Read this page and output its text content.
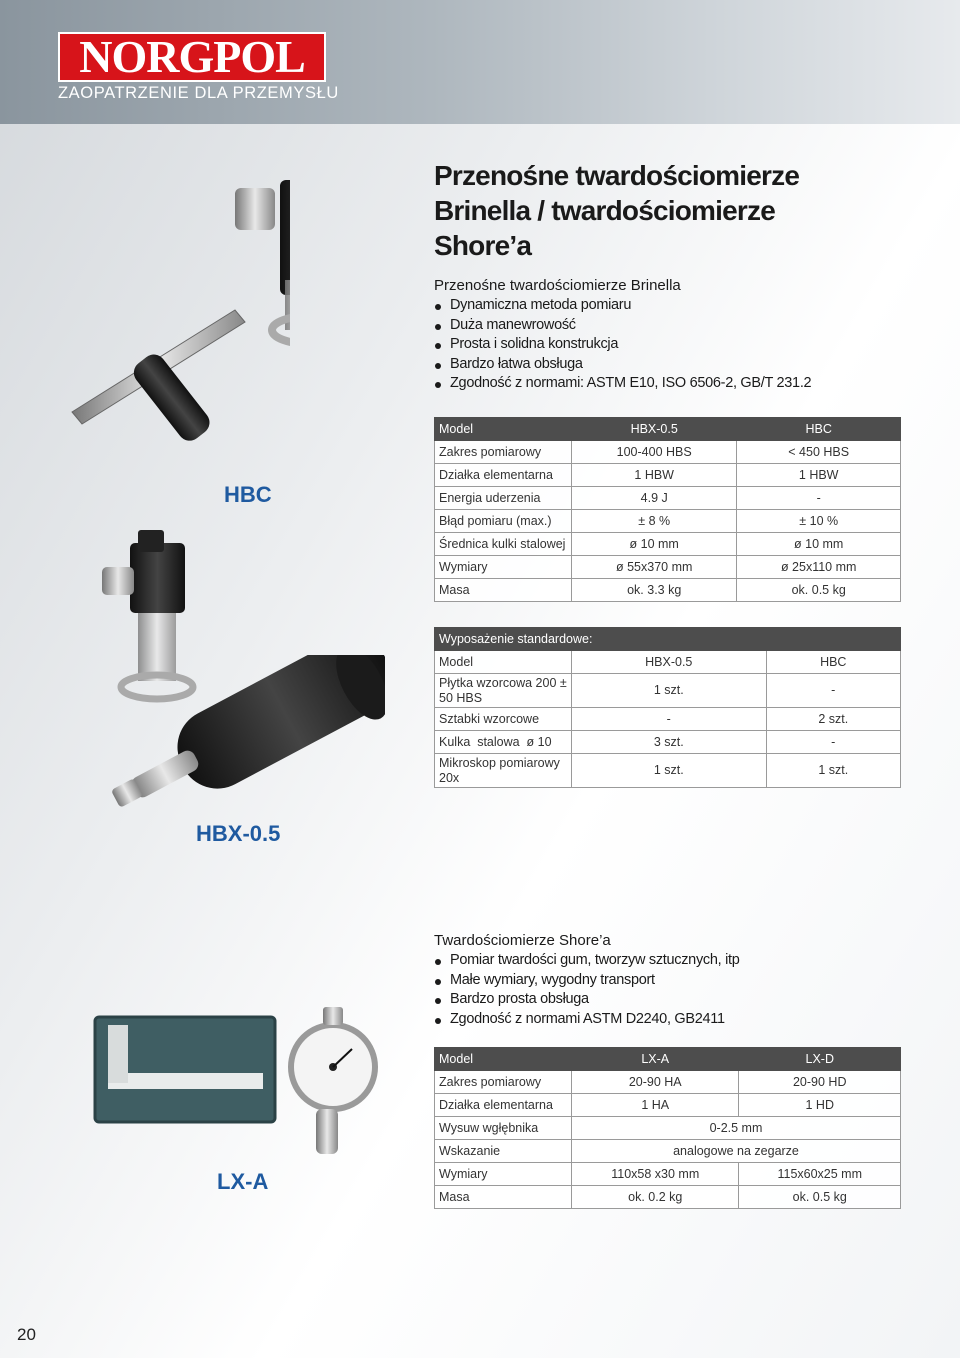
NORGPOL
ZAOPATRZENIE DLA PRZEMYSŁU
Przenośne twardościomierze
Brinella / twardościomierze
Shore’a
Przenośne twardościomierze Brinella
Dynamiczna metoda pomiaru
Duża manewrowość
Prosta i solidna konstrukcja
Bardzo łatwa obsługa
Zgodność z normami: ASTM E10, ISO 6506-2, GB/T 231.2
Model	HBX-0.5	HBC
Zakres pomiarowy	100-400 HBS	< 450 HBS
Działka elementarna	1 HBW	1 HBW
Energia uderzenia	4.9 J	-
Błąd pomiaru (max.)	± 8 %	± 10 %
Średnica kulki stalowej	ø 10 mm	ø 10 mm
Wymiary	ø 55x370 mm	ø 25x110 mm
Masa	ok. 3.3 kg	ok. 0.5 kg
Wyposażenie standardowe:		
Model	HBX-0.5	HBC
Płytka wzorcowa 200 ± 50 HBS	1 szt.	-
Sztabki wzorcowe	-	2 szt.
Kulka  stalowa  ø 10	3 szt.	-
Mikroskop pomiarowy 20x	1 szt.	1 szt.
Twardościomierze Shore’a
Pomiar twardości gum, tworzyw sztucznych, itp
Małe wymiary, wygodny transport
Bardzo prosta obsługa
Zgodność z normami ASTM D2240, GB2411
Model	LX-A	LX-D
Zakres pomiarowy	20-90 HA	20-90 HD
Działka elementarna	1 HA	1 HD
Wysuw wgłębnika	0-2.5 mm	
Wskazanie	analogowe na zegarze	
Wymiary	110x58 x30 mm	115x60x25 mm
Masa	ok. 0.2 kg	ok. 0.5 kg
HBC
HBX-0.5
LX-A
20
